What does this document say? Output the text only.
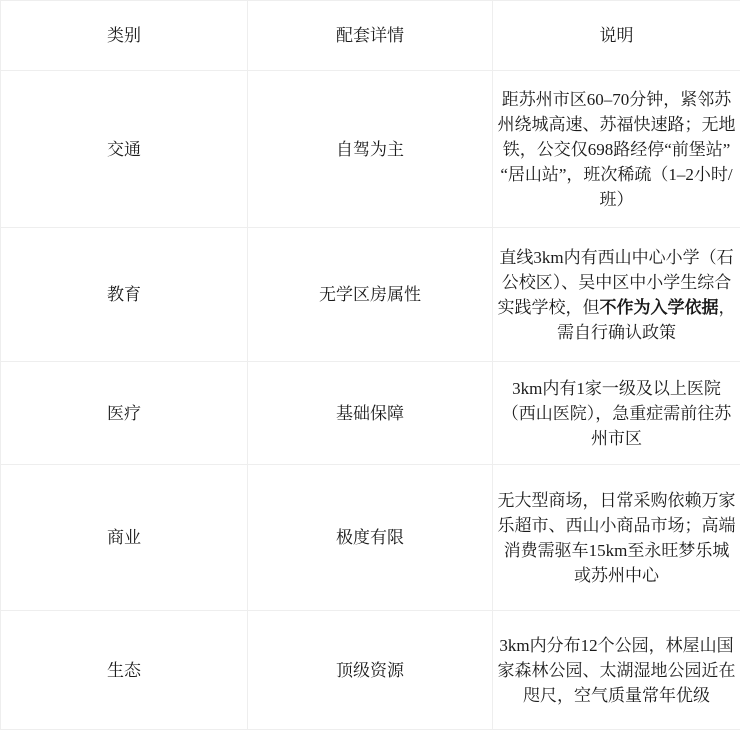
类别	配套详情	说明
交通	自驾为主	距苏州市区60–70分钟，紧邻苏州绕城高速、苏福快速路；无地铁，公交仅698路经停“前堡站”“居山站”，班次稀疏（1–2小时/班）
教育	无学区房属性	直线3km内有西山中心小学（石公校区）、吴中区中小学生综合实践学校，但不作为入学依据，需自行确认政策
医疗	基础保障	3km内有1家一级及以上医院（西山医院），急重症需前往苏州市区
商业	极度有限	无大型商场，日常采购依赖万家乐超市、西山小商品市场；高端消费需驱车15km至永旺梦乐城或苏州中心
生态	顶级资源	3km内分布12个公园，林屋山国家森林公园、太湖湿地公园近在咫尺，空气质量常年优级
